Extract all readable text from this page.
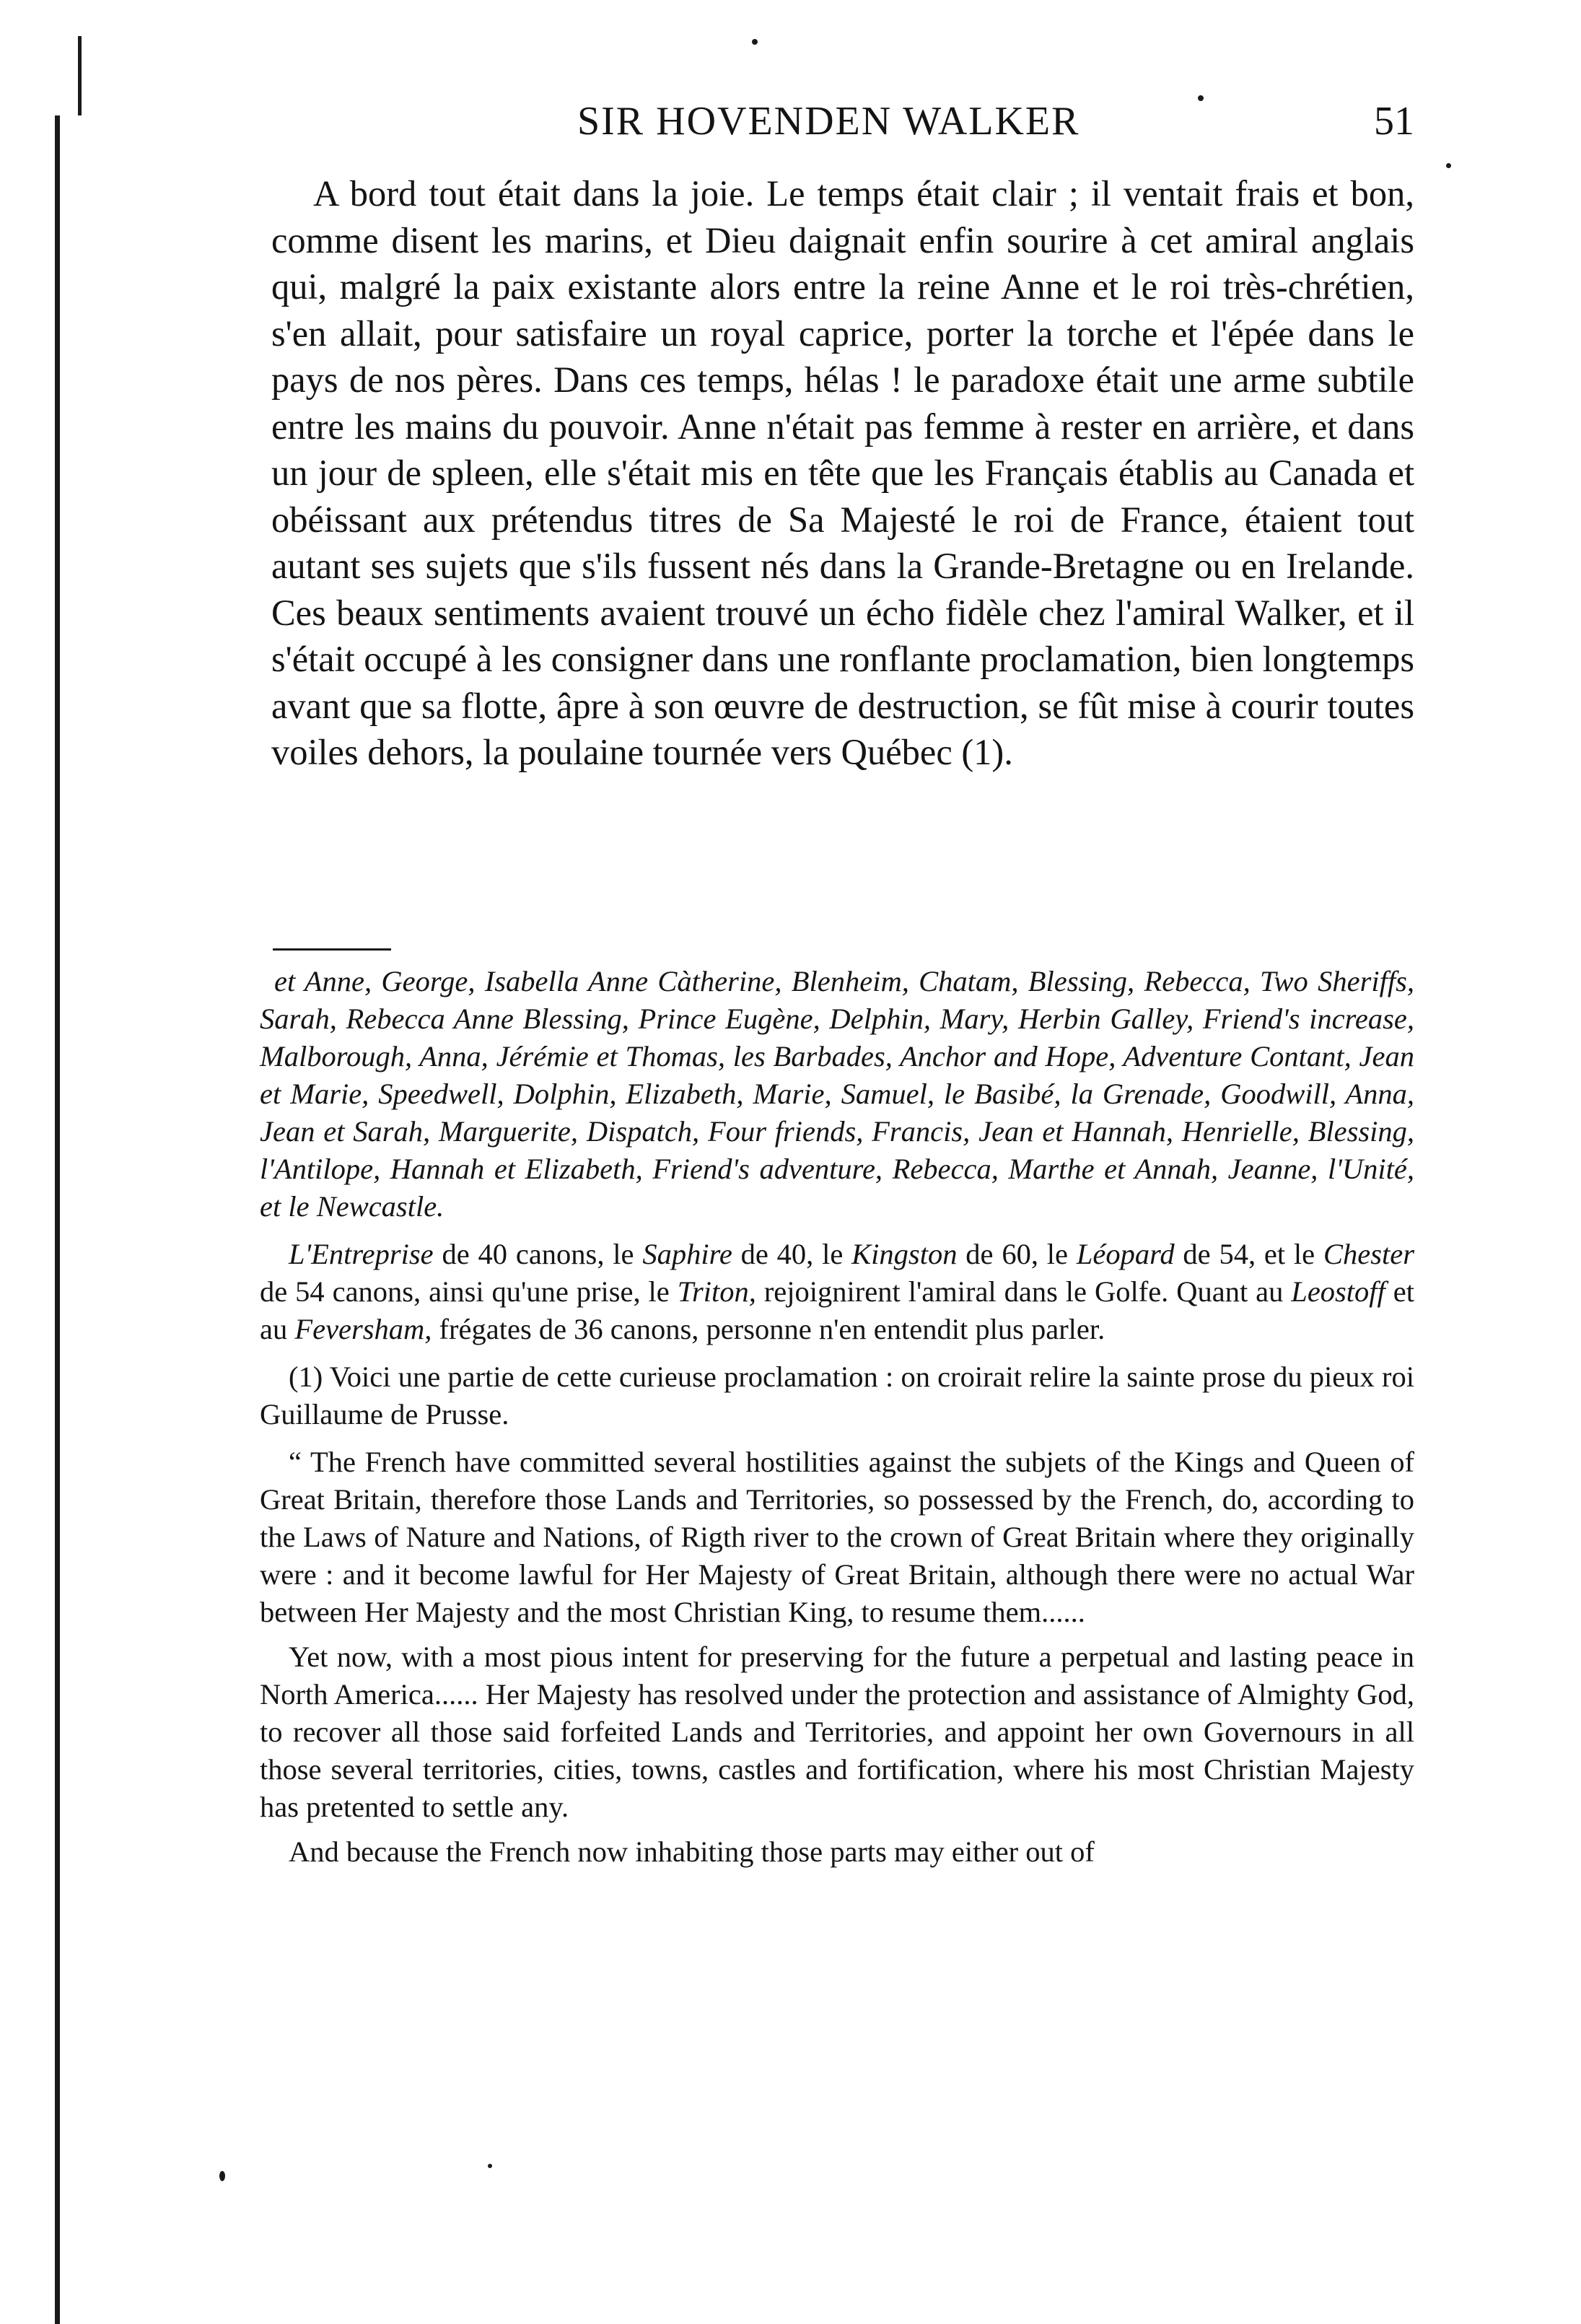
SIR HOVENDEN WALKER	51

A bord tout était dans la joie. Le temps était clair ; il ventait frais et bon, comme disent les marins, et Dieu daignait enfin sourire à cet amiral anglais qui, malgré la paix existante alors entre la reine Anne et le roi très-chrétien, s'en allait, pour satisfaire un royal caprice, porter la torche et l'épée dans le pays de nos pères. Dans ces temps, hélas ! le paradoxe était une arme subtile entre les mains du pouvoir. Anne n'était pas femme à rester en arrière, et dans un jour de spleen, elle s'était mis en tête que les Français établis au Canada et obéissant aux prétendus titres de Sa Majesté le roi de France, étaient tout autant ses sujets que s'ils fussent nés dans la Grande-Bretagne ou en Irelande. Ces beaux sentiments avaient trouvé un écho fidèle chez l'amiral Walker, et il s'était occupé à les consigner dans une ronflante proclamation, bien longtemps avant que sa flotte, âpre à son œuvre de destruction, se fût mise à courir toutes voiles dehors, la poulaine tournée vers Québec (1).

et Anne, George, Isabella Anne Càtherine, Blenheim, Chatam, Blessing, Rebecca, Two Sheriffs, Sarah, Rebecca Anne Blessing, Prince Eugène, Delphin, Mary, Herbin Galley, Friend's increase, Malborough, Anna, Jérémie et Thomas, les Barbades, Anchor and Hope, Adventure Contant, Jean et Marie, Speedwell, Dolphin, Elizabeth, Marie, Samuel, le Basibé, la Grenade, Goodwill, Anna, Jean et Sarah, Marguerite, Dispatch, Four friends, Francis, Jean et Hannah, Henrielle, Blessing, l'Antilope, Hannah et Elizabeth, Friend's adventure, Rebecca, Marthe et Annah, Jeanne, l'Unité, et le Newcastle.

L'Entreprise de 40 canons, le Saphire de 40, le Kingston de 60, le Léopard de 54, et le Chester de 54 canons, ainsi qu'une prise, le Triton, rejoignirent l'amiral dans le Golfe. Quant au Leostoff et au Feversham, frégates de 36 canons, personne n'en entendit plus parler.

(1) Voici une partie de cette curieuse proclamation : on croirait relire la sainte prose du pieux roi Guillaume de Prusse.

“ The French have committed several hostilities against the subjets of the Kings and Queen of Great Britain, therefore those Lands and Territories, so possessed by the French, do, according to the Laws of Nature and Nations, of Rigth river to the crown of Great Britain where they originally were : and it become lawful for Her Majesty of Great Britain, although there were no actual War between Her Majesty and the most Christian King, to resume them......

Yet now, with a most pious intent for preserving for the future a perpetual and lasting peace in North America...... Her Majesty has resolved under the protection and assistance of Almighty God, to recover all those said forfeited Lands and Territories, and appoint her own Governours in all those several territories, cities, towns, castles and fortification, where his most Christian Majesty has pretented to settle any.

And because the French now inhabiting those parts may either out of
